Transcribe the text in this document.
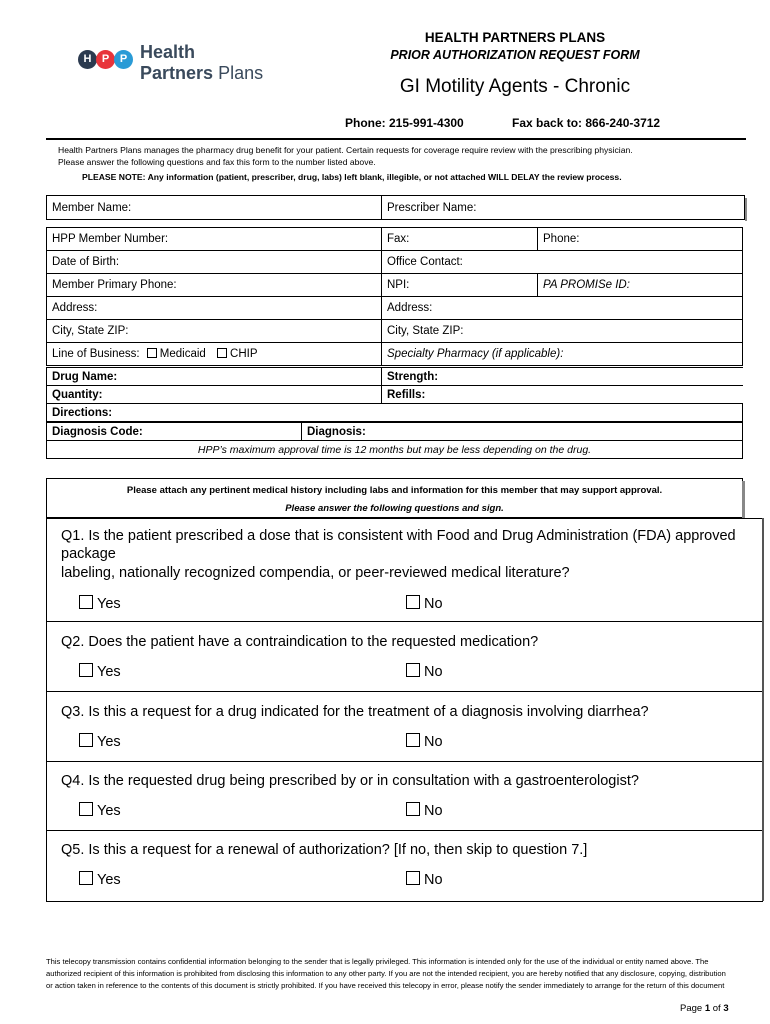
H P P Health
Partners Plans
HEALTH PARTNERS PLANS
PRIOR AUTHORIZATION REQUEST FORM
GI Motility Agents - Chronic
Phone: 215-991-4300	Fax back to: 866-240-3712
Health Partners Plans manages the pharmacy drug benefit for your patient. Certain requests for coverage require review with the prescribing physician.
Please answer the following questions and fax this form to the number listed above.
PLEASE NOTE: Any information (patient, prescriber, drug, labs) left blank, illegible, or not attached WILL DELAY the review process.
Member Name:	Prescriber Name:
HPP Member Number:	Fax:	Phone:
Date of Birth:	Office Contact:	
Member Primary Phone:	NPI:	PA PROMISe ID:
Address:	Address:	
City, State ZIP:	City, State ZIP:	
Line of Business: Medicaid CHIP	Specialty Pharmacy (if applicable):	
Drug Name:	Strength:
Quantity:	Refills:
Directions:	
Diagnosis Code:	Diagnosis:
HPP’s maximum approval time is 12 months but may be less depending on the drug.
Please attach any pertinent medical history including labs and information for this member that may support approval.
Please answer the following questions and sign.
Q1. Is the patient prescribed a dose that is consistent with Food and Drug Administration (FDA) approved package
labeling, nationally recognized compendia, or peer-reviewed medical literature?
Yes	No
Q2. Does the patient have a contraindication to the requested medication?
Yes	No
Q3. Is this a request for a drug indicated for the treatment of a diagnosis involving diarrhea?
Yes	No
Q4. Is the requested drug being prescribed by or in consultation with a gastroenterologist?
Yes	No
Q5. Is this a request for a renewal of authorization? [If no, then skip to question 7.]
Yes	No
This telecopy transmission contains confidential information belonging to the sender that is legally privileged. This information is intended only for the use of the individual or entity named above. The authorized recipient of this information is prohibited from disclosing this information to any other party. If you are not the intended recipient, you are hereby notified that any disclosure, copying, distribution or action taken in reference to the contents of this document is strictly prohibited. If you have received this telecopy in error, please notify the sender immediately to arrange for the return of this document
Page 1 of 3
